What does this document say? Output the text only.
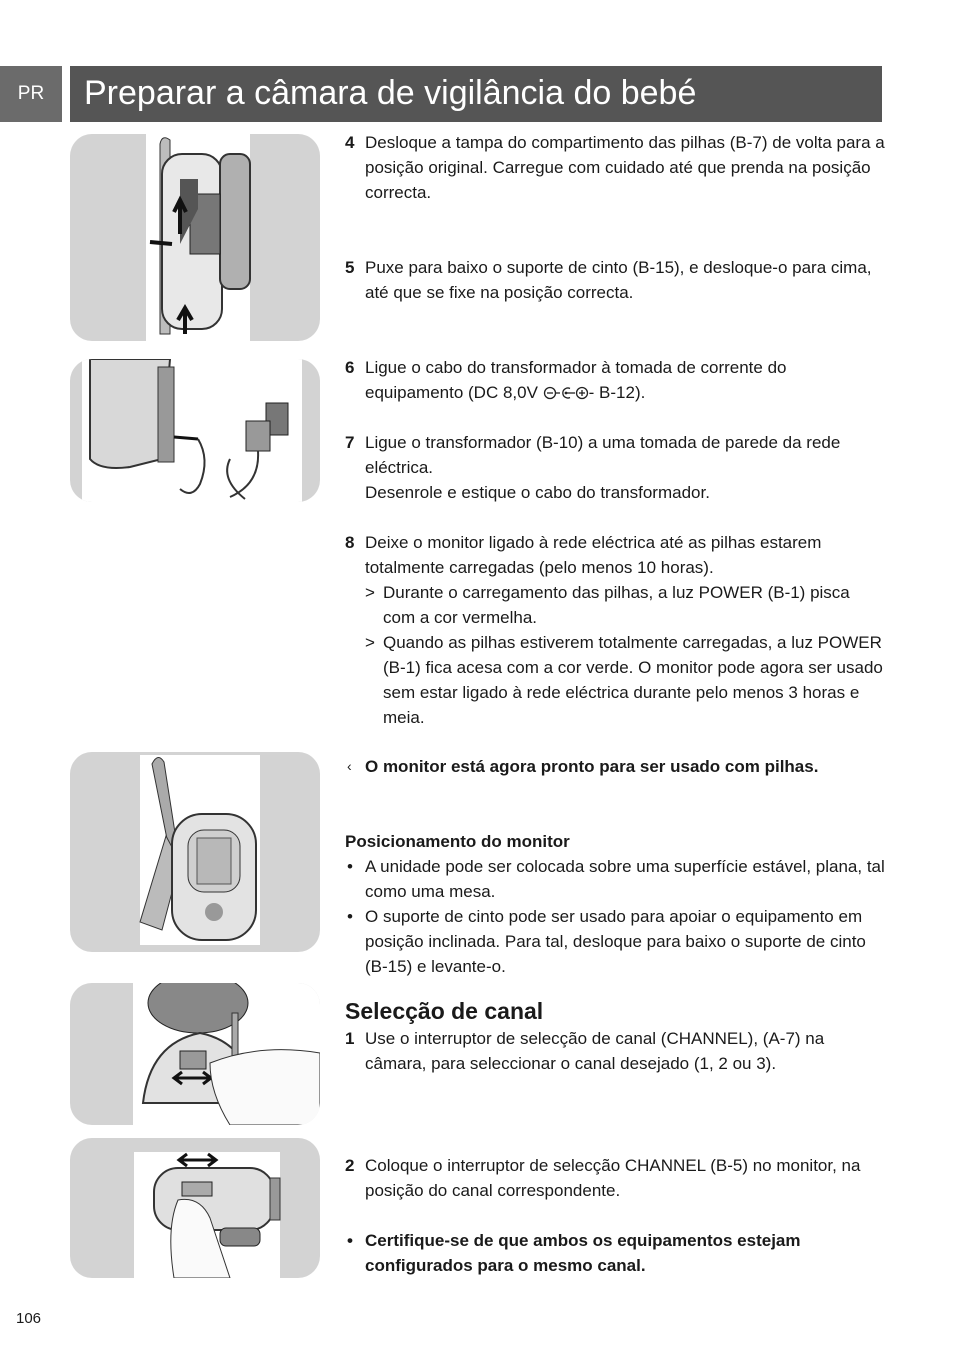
PR	Preparar a câmara de vigilância do bebé
4 Desloque a tampa do compartimento das pilhas (B-7) de volta para a posição original. Carregue com cuidado até que prenda na posição correcta.
5 Puxe para baixo o suporte de cinto (B-15), e desloque-o para cima, até que se fixe na posição correcta.
6 Ligue o cabo do transformador à tomada de corrente do equipamento (DC 8,0V	- B-12).
7 Ligue o transformador (B-10) a uma tomada de parede da rede eléctrica.
Desenrole e estique o cabo do transformador.
8 Deixe o monitor ligado à rede eléctrica até as pilhas estarem totalmente carregadas (pelo menos 10 horas).
> Durante o carregamento das pilhas, a luz POWER (B-1) pisca com a cor vermelha.
> Quando as pilhas estiverem totalmente carregadas, a luz POWER (B-1) fica acesa com a cor verde. O monitor pode agora ser usado sem estar ligado à rede eléctrica durante pelo menos 3 horas e meia.
‹ O monitor está agora pronto para ser usado com pilhas.
Posicionamento do monitor
• A unidade pode ser colocada sobre uma superfície estável, plana, tal como uma mesa.
• O suporte de cinto pode ser usado para apoiar o equipamento em posição inclinada. Para tal, desloque para baixo o suporte de cinto (B-15) e levante-o.
Selecção de canal
1 Use o interruptor de selecção de canal (CHANNEL), (A-7) na câmara, para seleccionar o canal desejado (1, 2 ou 3).
2 Coloque o interruptor de selecção CHANNEL (B-5) no monitor, na posição do canal correspondente.
• Certifique-se de que ambos os equipamentos estejam configurados para o mesmo canal.
106
